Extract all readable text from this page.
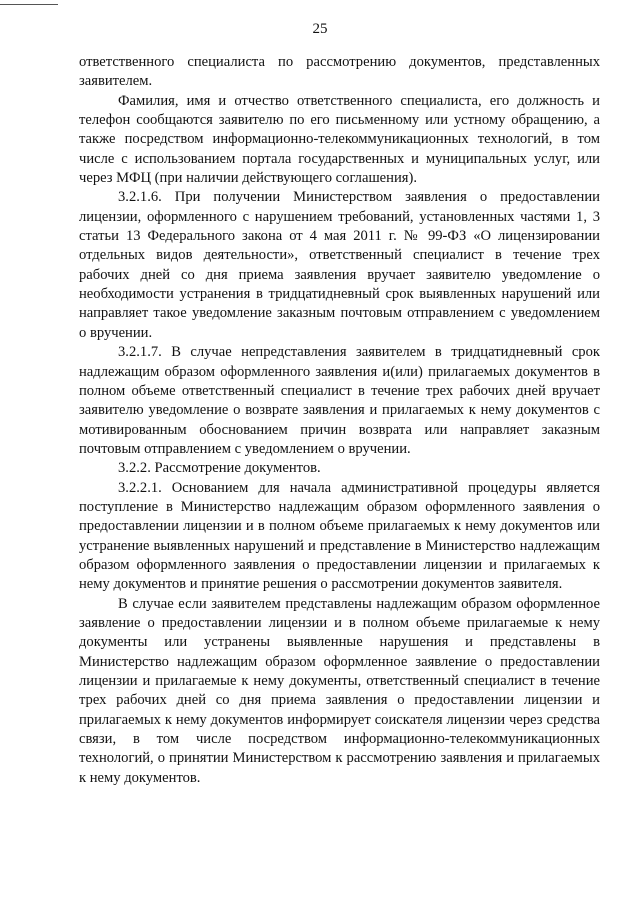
25

ответственного специалиста по рассмотрению документов, представленных заявителем.

Фамилия, имя и отчество ответственного специалиста, его должность и телефон сообщаются заявителю по его письменному или устному обращению, а также посредством информационно-телекоммуникационных технологий, в том числе с использованием портала государственных и муниципальных услуг, или через МФЦ (при наличии действующего соглашения).

3.2.1.6. При получении Министерством заявления о предоставлении лицензии, оформленного с нарушением требований, установленных частями 1, 3 статьи 13 Федерального закона от 4 мая 2011 г. № 99-ФЗ «О лицензировании отдельных видов деятельности», ответственный специалист в течение трех рабочих дней со дня приема заявления вручает заявителю уведомление о необходимости устранения в тридцатидневный срок выявленных нарушений или направляет такое уведомление заказным почтовым отправлением с уведомлением о вручении.

3.2.1.7. В случае непредставления заявителем в тридцатидневный срок надлежащим образом оформленного заявления и(или) прилагаемых документов в полном объеме ответственный специалист в течение трех рабочих дней вручает заявителю уведомление о возврате заявления и прилагаемых к нему документов с мотивированным обоснованием причин возврата или направляет заказным почтовым отправлением с уведомлением о вручении.

3.2.2. Рассмотрение документов.

3.2.2.1. Основанием для начала административной процедуры является поступление в Министерство надлежащим образом оформленного заявления о предоставлении лицензии и в полном объеме прилагаемых к нему документов или устранение выявленных нарушений и представление в Министерство надлежащим образом оформленного заявления о предоставлении лицензии и прилагаемых к нему документов и принятие решения о рассмотрении документов заявителя.

В случае если заявителем представлены надлежащим образом оформленное заявление о предоставлении лицензии и в полном объеме прилагаемые к нему документы или устранены выявленные нарушения и представлены в Министерство надлежащим образом оформленное заявление о предоставлении лицензии и прилагаемые к нему документы, ответственный специалист в течение трех рабочих дней со дня приема заявления о предоставлении лицензии и прилагаемых к нему документов информирует соискателя лицензии через средства связи, в том числе посредством информационно-телекоммуникационных технологий, о принятии Министерством к рассмотрению заявления и прилагаемых к нему документов.
